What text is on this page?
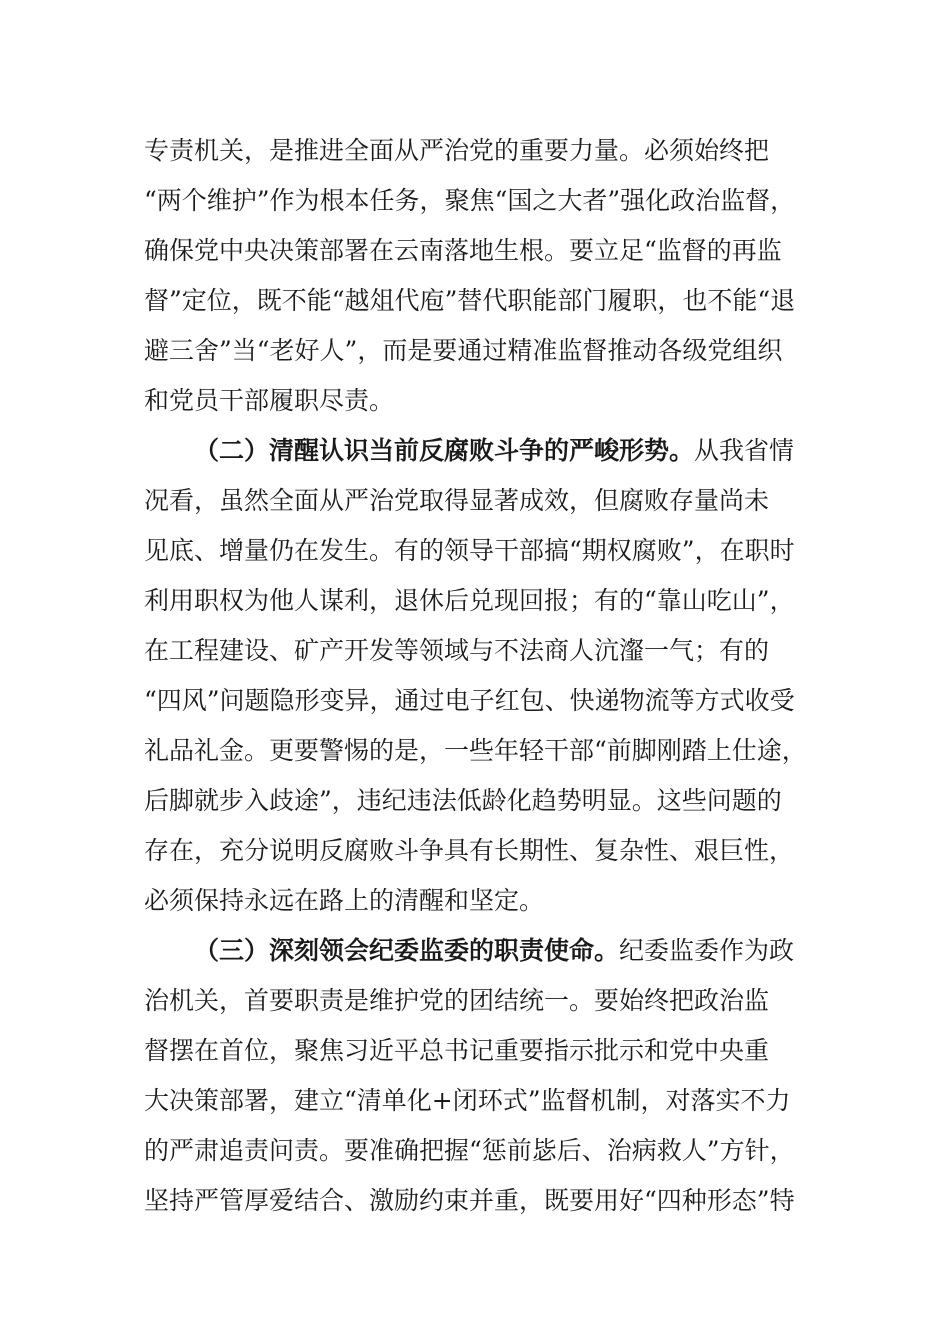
专责机关，是推进全面从严治党的重要力量。必须始终把
“两个维护”作为根本任务，聚焦“国之大者”强化政治监督，
确保党中央决策部署在云南落地生根。要立足“监督的再监
督”定位，既不能“越俎代庖”替代职能部门履职，也不能“退
避三舍”当“老好人”，而是要通过精准监督推动各级党组织
和党员干部履职尽责。
（二）清醒认识当前反腐败斗争的严峻形势。从我省情
况看，虽然全面从严治党取得显著成效，但腐败存量尚未
见底、增量仍在发生。有的领导干部搞“期权腐败”，在职时
利用职权为他人谋利，退休后兑现回报；有的“靠山吃山”，
在工程建设、矿产开发等领域与不法商人沆瀣一气；有的
“四风”问题隐形变异，通过电子红包、快递物流等方式收受
礼品礼金。更要警惕的是，一些年轻干部“前脚刚踏上仕途，
后脚就步入歧途”，违纪违法低龄化趋势明显。这些问题的
存在，充分说明反腐败斗争具有长期性、复杂性、艰巨性，
必须保持永远在路上的清醒和坚定。
（三）深刻领会纪委监委的职责使命。纪委监委作为政
治机关，首要职责是维护党的团结统一。要始终把政治监
督摆在首位，聚焦习近平总书记重要指示批示和党中央重
大决策部署，建立“清单化+闭环式”监督机制，对落实不力
的严肃追责问责。要准确把握“惩前毖后、治病救人”方针，
坚持严管厚爱结合、激励约束并重，既要用好“四种形态”特
